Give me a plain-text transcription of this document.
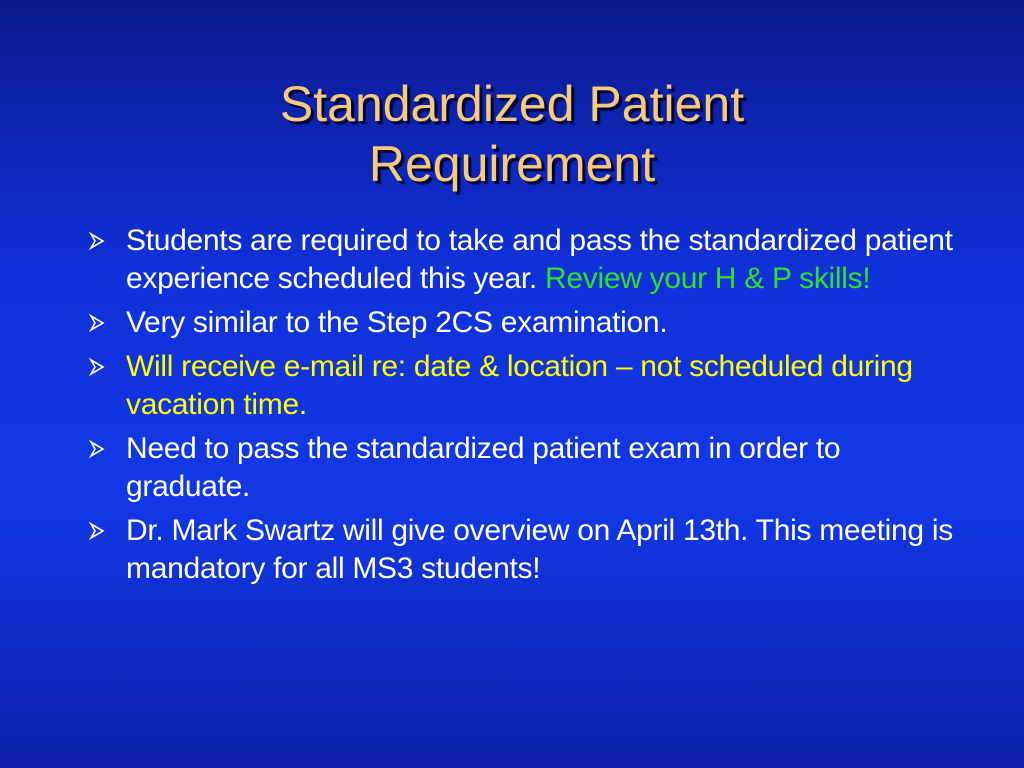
Standardized Patient
Requirement
Students are required to take and pass the standardized patient experience scheduled this year. Review your H & P skills!
Very similar to the Step 2CS examination.
Will receive e-mail re: date & location – not scheduled during vacation time.
Need to pass the standardized patient exam in order to graduate.
Dr. Mark Swartz will give overview on April 13th. This meeting is mandatory for all MS3 students!
